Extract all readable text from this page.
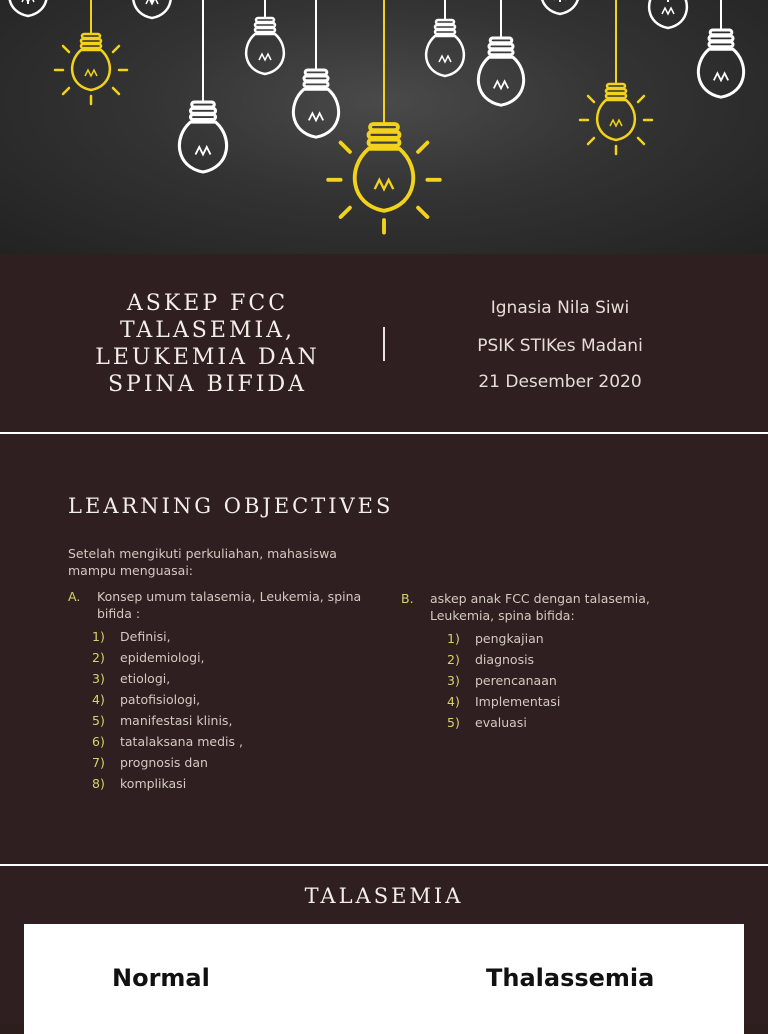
ASKEP FCC
TALASEMIA,
LEUKEMIA DAN
SPINA BIFIDA
Ignasia Nila Siwi
PSIK STIKes Madani
21 Desember 2020
LEARNING OBJECTIVES
Setelah mengikuti perkuliahan, mahasiswa mampu menguasai:
A. Konsep umum talasemia, Leukemia, spina bifida :
1) Definisi,
2) epidemiologi,
3) etiologi,
4) patofisiologi,
5) manifestasi klinis,
6) tatalaksana medis ,
7) prognosis dan
8) komplikasi
B. askep anak FCC dengan talasemia, Leukemia, spina bifida:
1) pengkajian
2) diagnosis
3) perencanaan
4) Implementasi
5) evaluasi
TALASEMIA
Normal	Thalassemia
